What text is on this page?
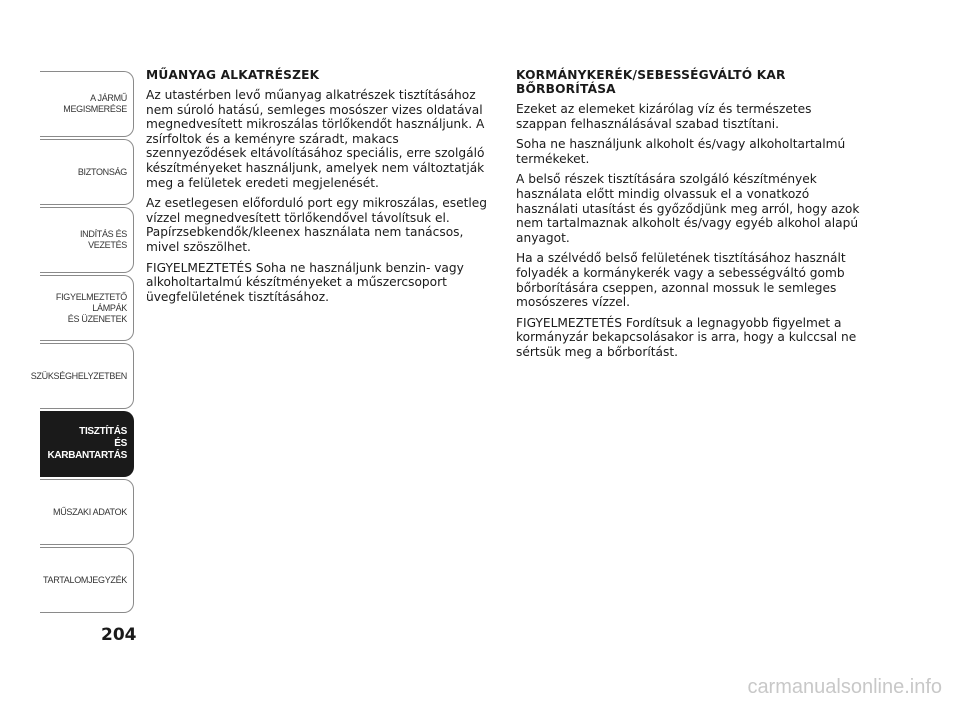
A JÁRMŰ
MEGISMERÉSE
BIZTONSÁG
INDÍTÁS ÉS VEZETÉS
FIGYELMEZTETŐ
LÁMPÁK
ÉS ÜZENETEK
SZÜKSÉGHELYZETBEN
TISZTÍTÁS
ÉS KARBANTARTÁS
MŰSZAKI ADATOK
TARTALOMJEGYZÉK
204
MŰANYAG ALKATRÉSZEK

Az utastérben levő műanyag alkatrészek tisztításához nem súroló hatású, semleges mosószer vizes oldatával megnedvesített mikroszálas törlőkendőt használjunk. A zsírfoltok és a keményre száradt, makacs szennyeződések eltávolításához speciális, erre szolgáló készítményeket használjunk, amelyek nem változtatják meg a felületek eredeti megjelenését.

Az esetlegesen előforduló port egy mikroszálas, esetleg vízzel megnedvesített törlőkendővel távolítsuk el. Papírzsebkendők/kleenex használata nem tanácsos, mivel szöszölhet.

FIGYELMEZTETÉS Soha ne használjunk benzin- vagy alkoholtartalmú készítményeket a műszercsoport üvegfelületének tisztításához.

KORMÁNYKERÉK/SEBESSÉGVÁLTÓ KAR BŐRBORÍTÁSA

Ezeket az elemeket kizárólag víz és természetes szappan felhasználásával szabad tisztítani.

Soha ne használjunk alkoholt és/vagy alkoholtartalmú termékeket.

A belső részek tisztítására szolgáló készítmények használata előtt mindig olvassuk el a vonatkozó használati utasítást és győződjünk meg arról, hogy azok nem tartalmaznak alkoholt és/vagy egyéb alkohol alapú anyagot.

Ha a szélvédő belső felületének tisztításához használt folyadék a kormánykerék vagy a sebességváltó gomb bőrborítására cseppen, azonnal mossuk le semleges mosószeres vízzel.

FIGYELMEZTETÉS Fordítsuk a legnagyobb figyelmet a kormányzár bekapcsolásakor is arra, hogy a kulccsal ne sértsük meg a bőrborítást.

carmanualsonline.info
